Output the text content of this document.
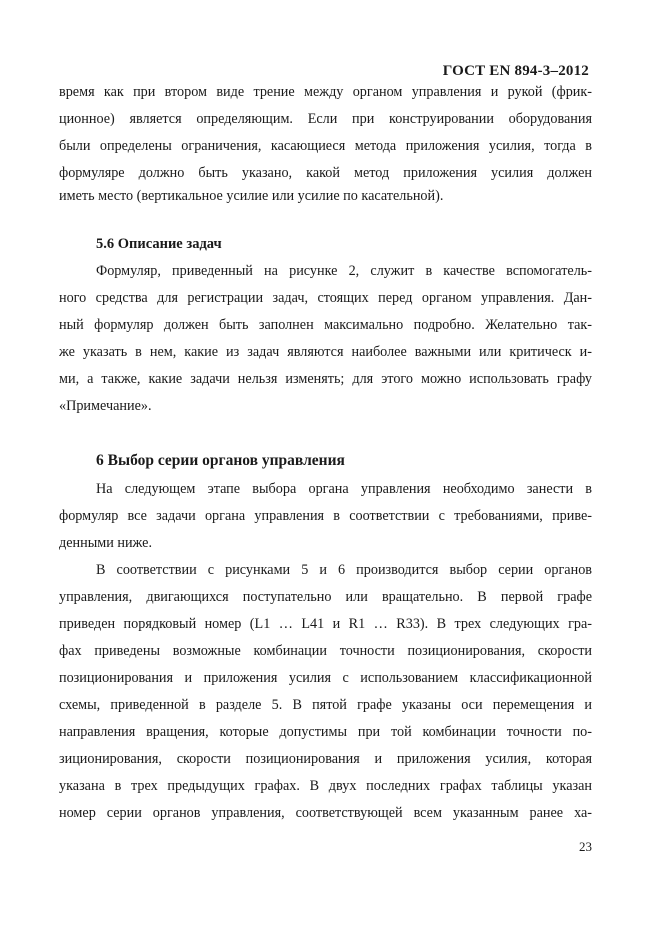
ГОСТ EN 894-3–2012
время как при втором виде трение между органом управления и рукой (фрик-
ционное) является определяющим. Если при конструировании оборудования
были определены ограничения, касающиеся метода приложения усилия, тогда в
формуляре должно быть указано, какой метод приложения усилия должен
иметь место (вертикальное усилие или усилие по касательной).
5.6 Описание задач
Формуляр, приведенный на рисунке 2, служит в качестве вспомогатель-
ного средства для регистрации задач, стоящих перед органом управления. Дан-
ный формуляр должен быть заполнен максимально подробно. Желательно так-
же указать в нем, какие из задач являются наиболее важными или критическ и-
ми, а также, какие задачи нельзя изменять; для этого можно использовать графу
«Примечание».
6 Выбор серии органов управления
На следующем этапе выбора органа управления необходимо занести в
формуляр все задачи органа управления в соответствии с требованиями, приве-
денными ниже.
В соответствии с рисунками 5 и 6 производится выбор серии органов
управления, двигающихся поступательно или вращательно. В первой графе
приведен порядковый номер (L1 … L41 и R1 … R33). В трех следующих гра-
фах приведены возможные комбинации точности позиционирования, скорости
позиционирования и приложения усилия с использованием классификационной
схемы, приведенной в разделе 5. В пятой графе указаны оси перемещения и
направления вращения, которые допустимы при той комбинации точности по-
зиционирования, скорости позиционирования и приложения усилия, которая
указана в трех предыдущих графах. В двух последних графах таблицы указан
номер серии органов управления, соответствующей всем указанным ранее ха-
23
